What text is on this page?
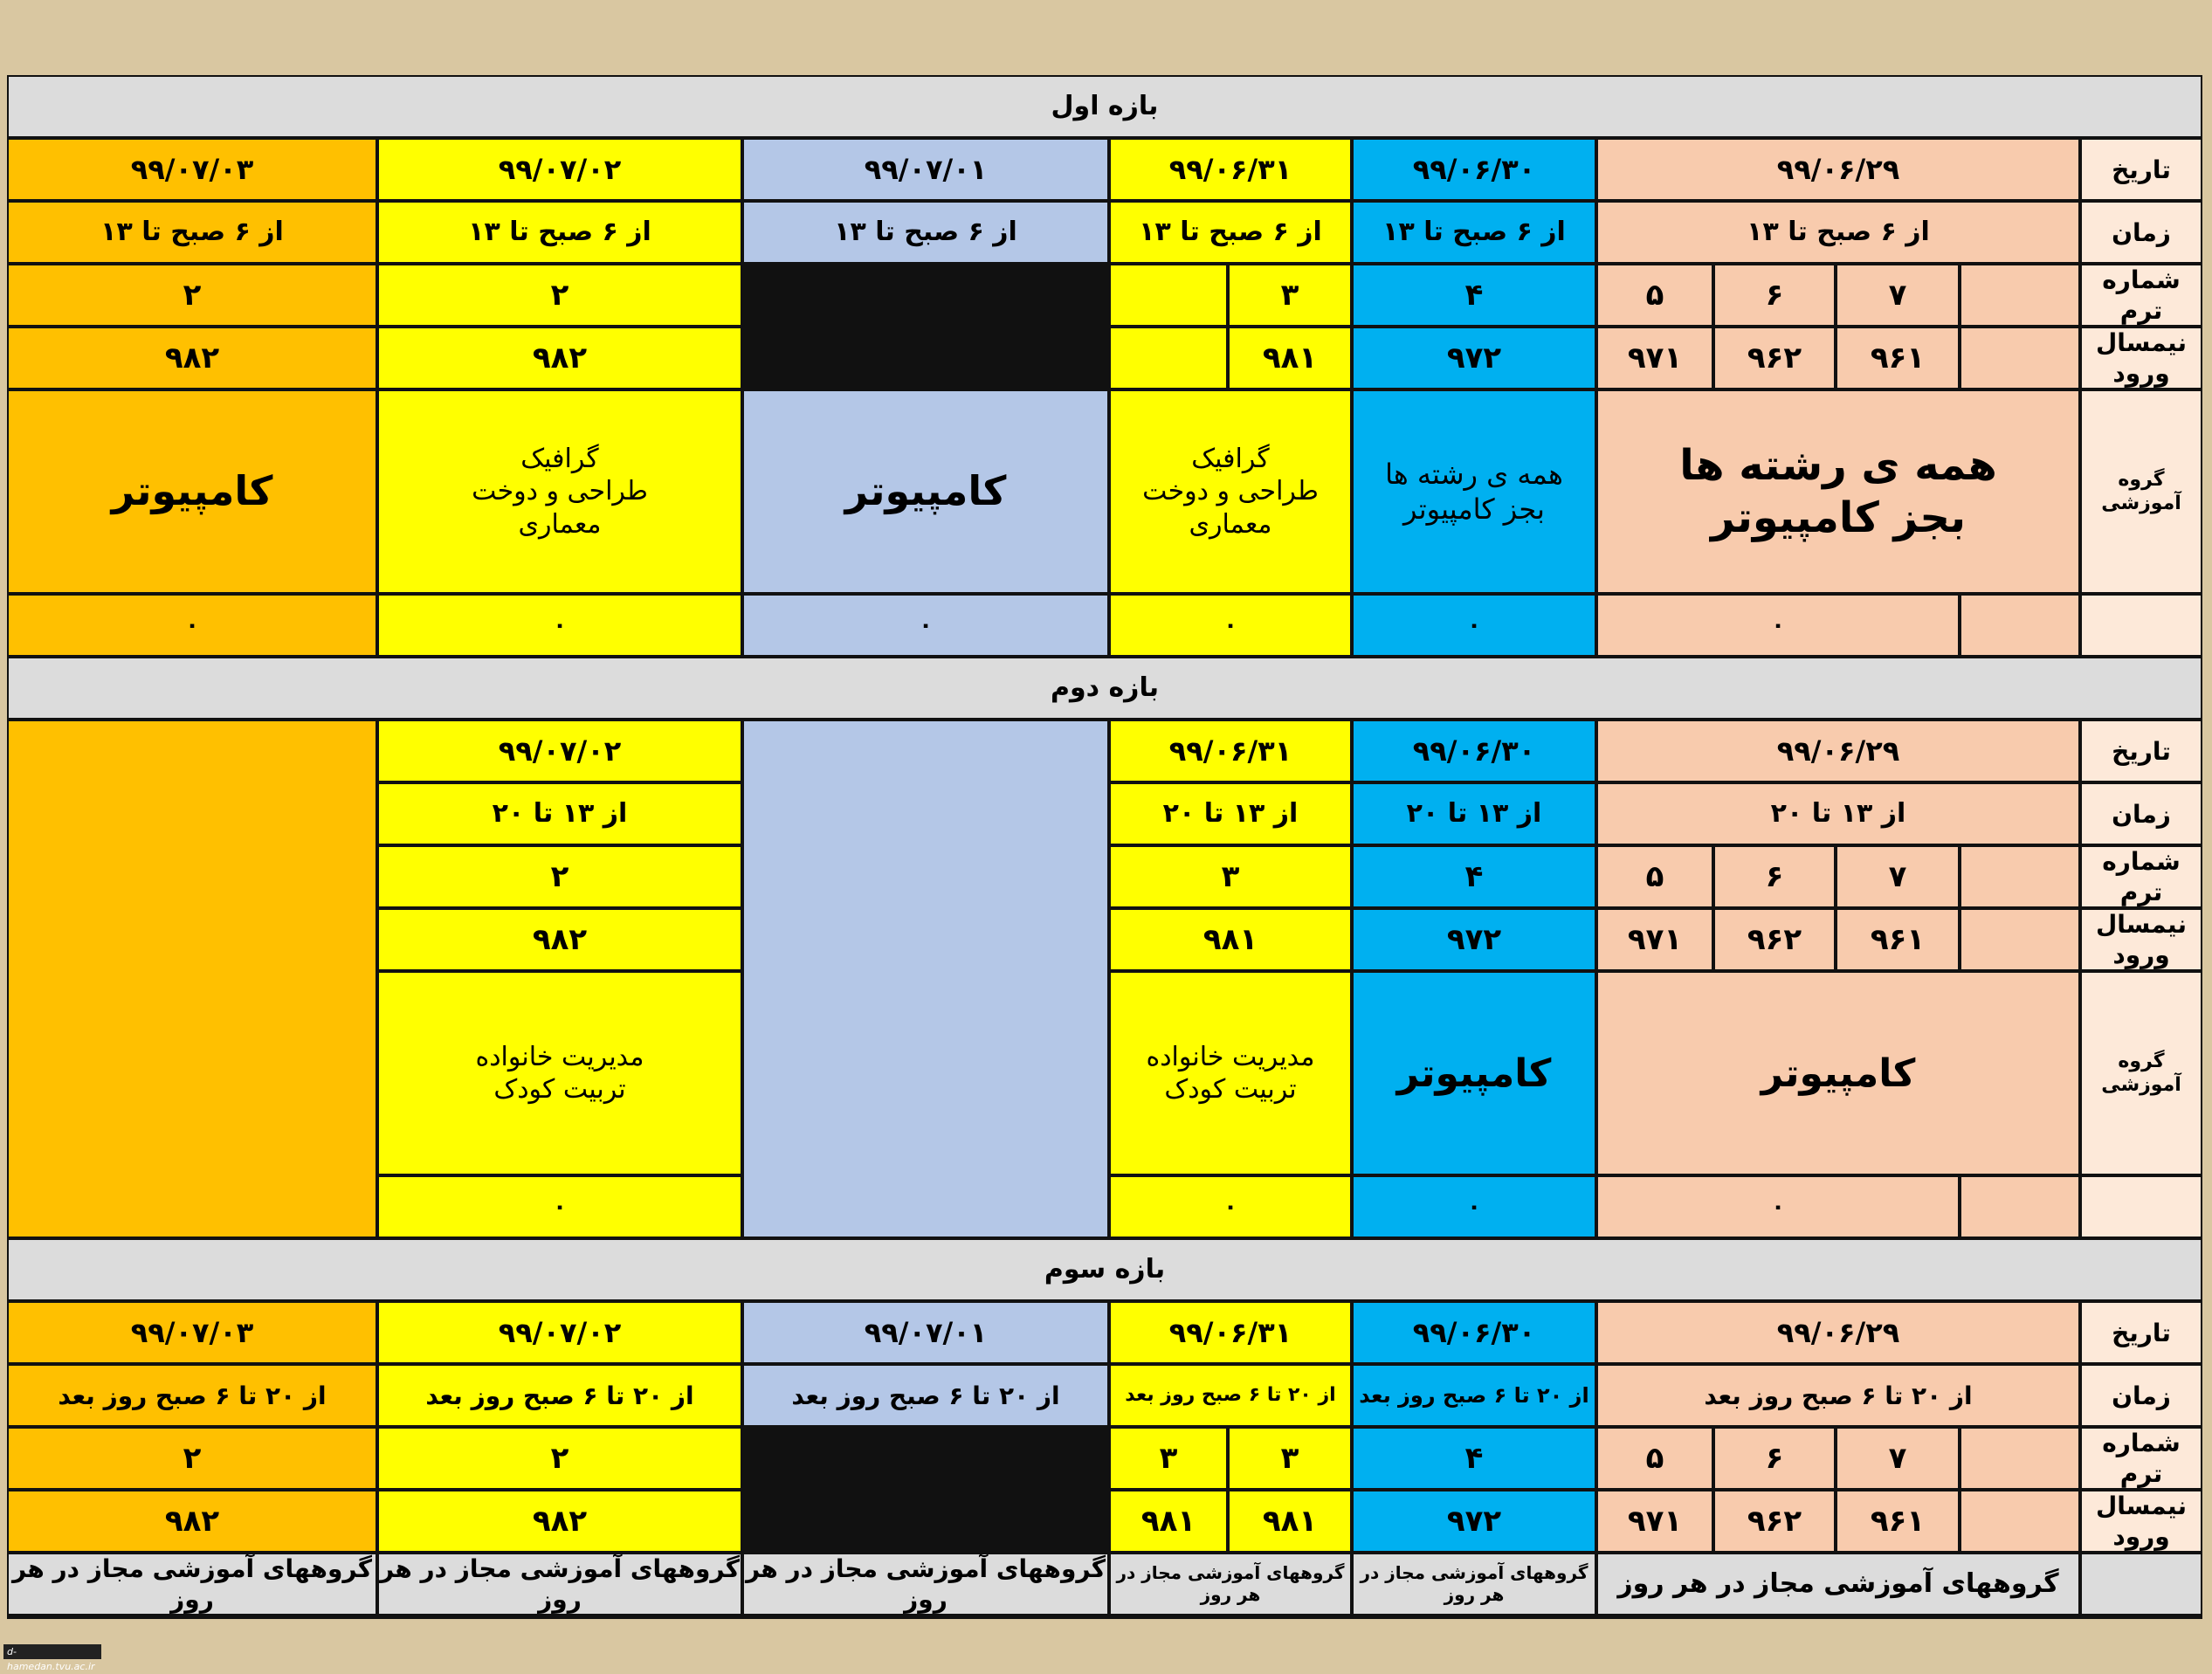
بازه اول
تاریخ
زمان
شماره ترم
نیمسال ورود
گروه آموزشی
۹۹/۰۶/۲۹
از ۶ صبح تا ۱۳
۹۹/۰۶/۳۰
از ۶ صبح تا ۱۳
۹۹/۰۶/۳۱
از ۶ صبح تا ۱۳
۹۹/۰۷/۰۱
از ۶ صبح تا ۱۳
۹۹/۰۷/۰۲
از ۶ صبح تا ۱۳
۹۹/۰۷/۰۳
از ۶ صبح تا ۱۳
۷
۹۶۱
۶
۹۶۲
۵
۹۷۱
۴
۹۷۲
۳
۹۸۱
۲
۹۸۲
۲
۹۸۲
همه ی رشته ها
بجز کامپیوتر
همه ی رشته ها
بجز کامپیوتر
۰
گرافیک
طراحی و دوخت
معماری
۰
کامپیوتر
۰
گرافیک
طراحی و دوخت
معماری
۰
کامپیوتر
۰	۰
بازه دوم
تاریخ
زمان
شماره ترم
نیمسال ورود
گروه آموزشی
۹۹/۰۶/۲۹
از ۱۳ تا ۲۰
۹۹/۰۶/۳۰
از ۱۳ تا ۲۰
۹۹/۰۶/۳۱
از ۱۳ تا ۲۰
۹۹/۰۷/۰۲
از ۱۳ تا ۲۰
۷
۹۶۱
۶
۹۶۲
۵
۹۷۱
۴
۹۷۲
۳
۹۸۱
۲
۹۸۲
کامپیوتر
۰
کامپیوتر
۰
مدیریت خانواده
تربیت کودک
۰
مدیریت خانواده
تربیت کودک
۰
بازه سوم
تاریخ
زمان
شماره ترم
نیمسال ورود
۹۹/۰۶/۲۹
از ۲۰ تا ۶ صبح روز بعد
۹۹/۰۶/۳۰
از ۲۰ تا ۶ صبح روز بعد
۹۹/۰۶/۳۱
از ۲۰ تا ۶ صبح روز بعد
۹۹/۰۷/۰۱
از ۲۰ تا ۶ صبح روز بعد
۹۹/۰۷/۰۲
از ۲۰ تا ۶ صبح روز بعد
۹۹/۰۷/۰۳
از ۲۰ تا ۶ صبح روز بعد
۷
۹۶۱
۶
۹۶۲
۵
۹۷۱
۴
۹۷۲
۳
۹۸۱
۳
۹۸۱
۲
۹۸۲
۲
۹۸۲
گروههای آموزشی مجاز در هر روز
گروههای آموزشی مجاز در هر روز
گروههای آموزشی مجاز در هر روز
گروههای آموزشی مجاز در هر روز
گروههای آموزشی مجاز در هر روز
گروههای آموزشی مجاز در هر روز
d-hamedan.tvu.ac.ir
